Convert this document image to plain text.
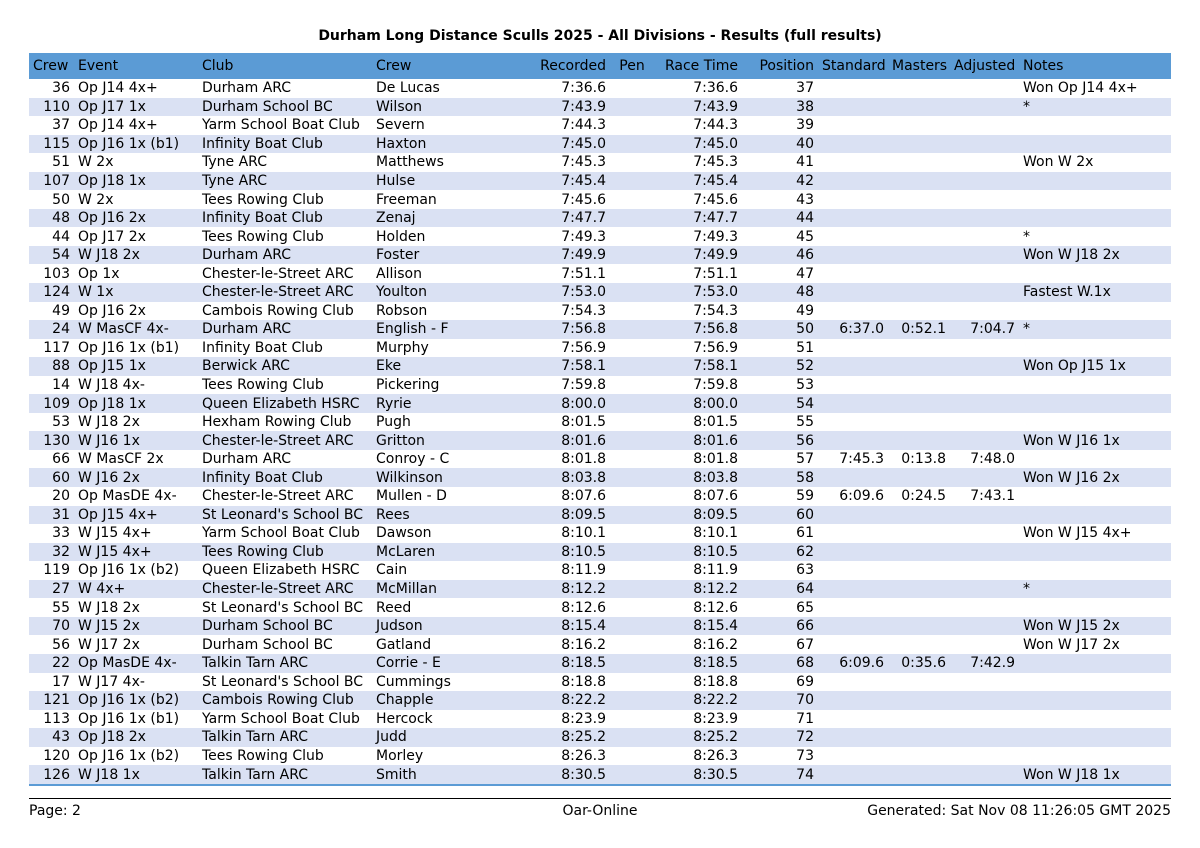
Durham Long Distance Sculls 2025 - All Divisions - Results (full results)
Crew	Event	Club	Crew	Recorded	Pen	Race Time	Position	Standard	Masters	Adjusted	Notes
36	Op J14 4x+	Durham ARC	De Lucas	7:36.6		7:36.6	37				Won Op J14 4x+
110	Op J17 1x	Durham School BC	Wilson	7:43.9		7:43.9	38				*
37	Op J14 4x+	Yarm School Boat Club	Severn	7:44.3		7:44.3	39				
115	Op J16 1x (b1)	Infinity Boat Club	Haxton	7:45.0		7:45.0	40				
51	W 2x	Tyne ARC	Matthews	7:45.3		7:45.3	41				Won W 2x
107	Op J18 1x	Tyne ARC	Hulse	7:45.4		7:45.4	42				
50	W 2x	Tees Rowing Club	Freeman	7:45.6		7:45.6	43				
48	Op J16 2x	Infinity Boat Club	Zenaj	7:47.7		7:47.7	44				
44	Op J17 2x	Tees Rowing Club	Holden	7:49.3		7:49.3	45				*
54	W J18 2x	Durham ARC	Foster	7:49.9		7:49.9	46				Won W J18 2x
103	Op 1x	Chester-le-Street ARC	Allison	7:51.1		7:51.1	47				
124	W 1x	Chester-le-Street ARC	Youlton	7:53.0		7:53.0	48				Fastest W.1x
49	Op J16 2x	Cambois Rowing Club	Robson	7:54.3		7:54.3	49				
24	W MasCF 4x-	Durham ARC	English - F	7:56.8		7:56.8	50	6:37.0	0:52.1	7:04.7	*
117	Op J16 1x (b1)	Infinity Boat Club	Murphy	7:56.9		7:56.9	51				
88	Op J15 1x	Berwick ARC	Eke	7:58.1		7:58.1	52				Won Op J15 1x
14	W J18 4x-	Tees Rowing Club	Pickering	7:59.8		7:59.8	53				
109	Op J18 1x	Queen Elizabeth HSRC	Ryrie	8:00.0		8:00.0	54				
53	W J18 2x	Hexham Rowing Club	Pugh	8:01.5		8:01.5	55				
130	W J16 1x	Chester-le-Street ARC	Gritton	8:01.6		8:01.6	56				Won W J16 1x
66	W MasCF 2x	Durham ARC	Conroy - C	8:01.8		8:01.8	57	7:45.3	0:13.8	7:48.0	
60	W J16 2x	Infinity Boat Club	Wilkinson	8:03.8		8:03.8	58				Won W J16 2x
20	Op MasDE 4x-	Chester-le-Street ARC	Mullen - D	8:07.6		8:07.6	59	6:09.6	0:24.5	7:43.1	
31	Op J15 4x+	St Leonard's School BC	Rees	8:09.5		8:09.5	60				
33	W J15 4x+	Yarm School Boat Club	Dawson	8:10.1		8:10.1	61				Won W J15 4x+
32	W J15 4x+	Tees Rowing Club	McLaren	8:10.5		8:10.5	62				
119	Op J16 1x (b2)	Queen Elizabeth HSRC	Cain	8:11.9		8:11.9	63				
27	W 4x+	Chester-le-Street ARC	McMillan	8:12.2		8:12.2	64				*
55	W J18 2x	St Leonard's School BC	Reed	8:12.6		8:12.6	65				
70	W J15 2x	Durham School BC	Judson	8:15.4		8:15.4	66				Won W J15 2x
56	W J17 2x	Durham School BC	Gatland	8:16.2		8:16.2	67				Won W J17 2x
22	Op MasDE 4x-	Talkin Tarn ARC	Corrie - E	8:18.5		8:18.5	68	6:09.6	0:35.6	7:42.9	
17	W J17 4x-	St Leonard's School BC	Cummings	8:18.8		8:18.8	69				
121	Op J16 1x (b2)	Cambois Rowing Club	Chapple	8:22.2		8:22.2	70				
113	Op J16 1x (b1)	Yarm School Boat Club	Hercock	8:23.9		8:23.9	71				
43	Op J18 2x	Talkin Tarn ARC	Judd	8:25.2		8:25.2	72				
120	Op J16 1x (b2)	Tees Rowing Club	Morley	8:26.3		8:26.3	73				
126	W J18 1x	Talkin Tarn ARC	Smith	8:30.5		8:30.5	74				Won W J18 1x
Page: 2	Oar-Online	Generated: Sat Nov 08 11:26:05 GMT 2025
